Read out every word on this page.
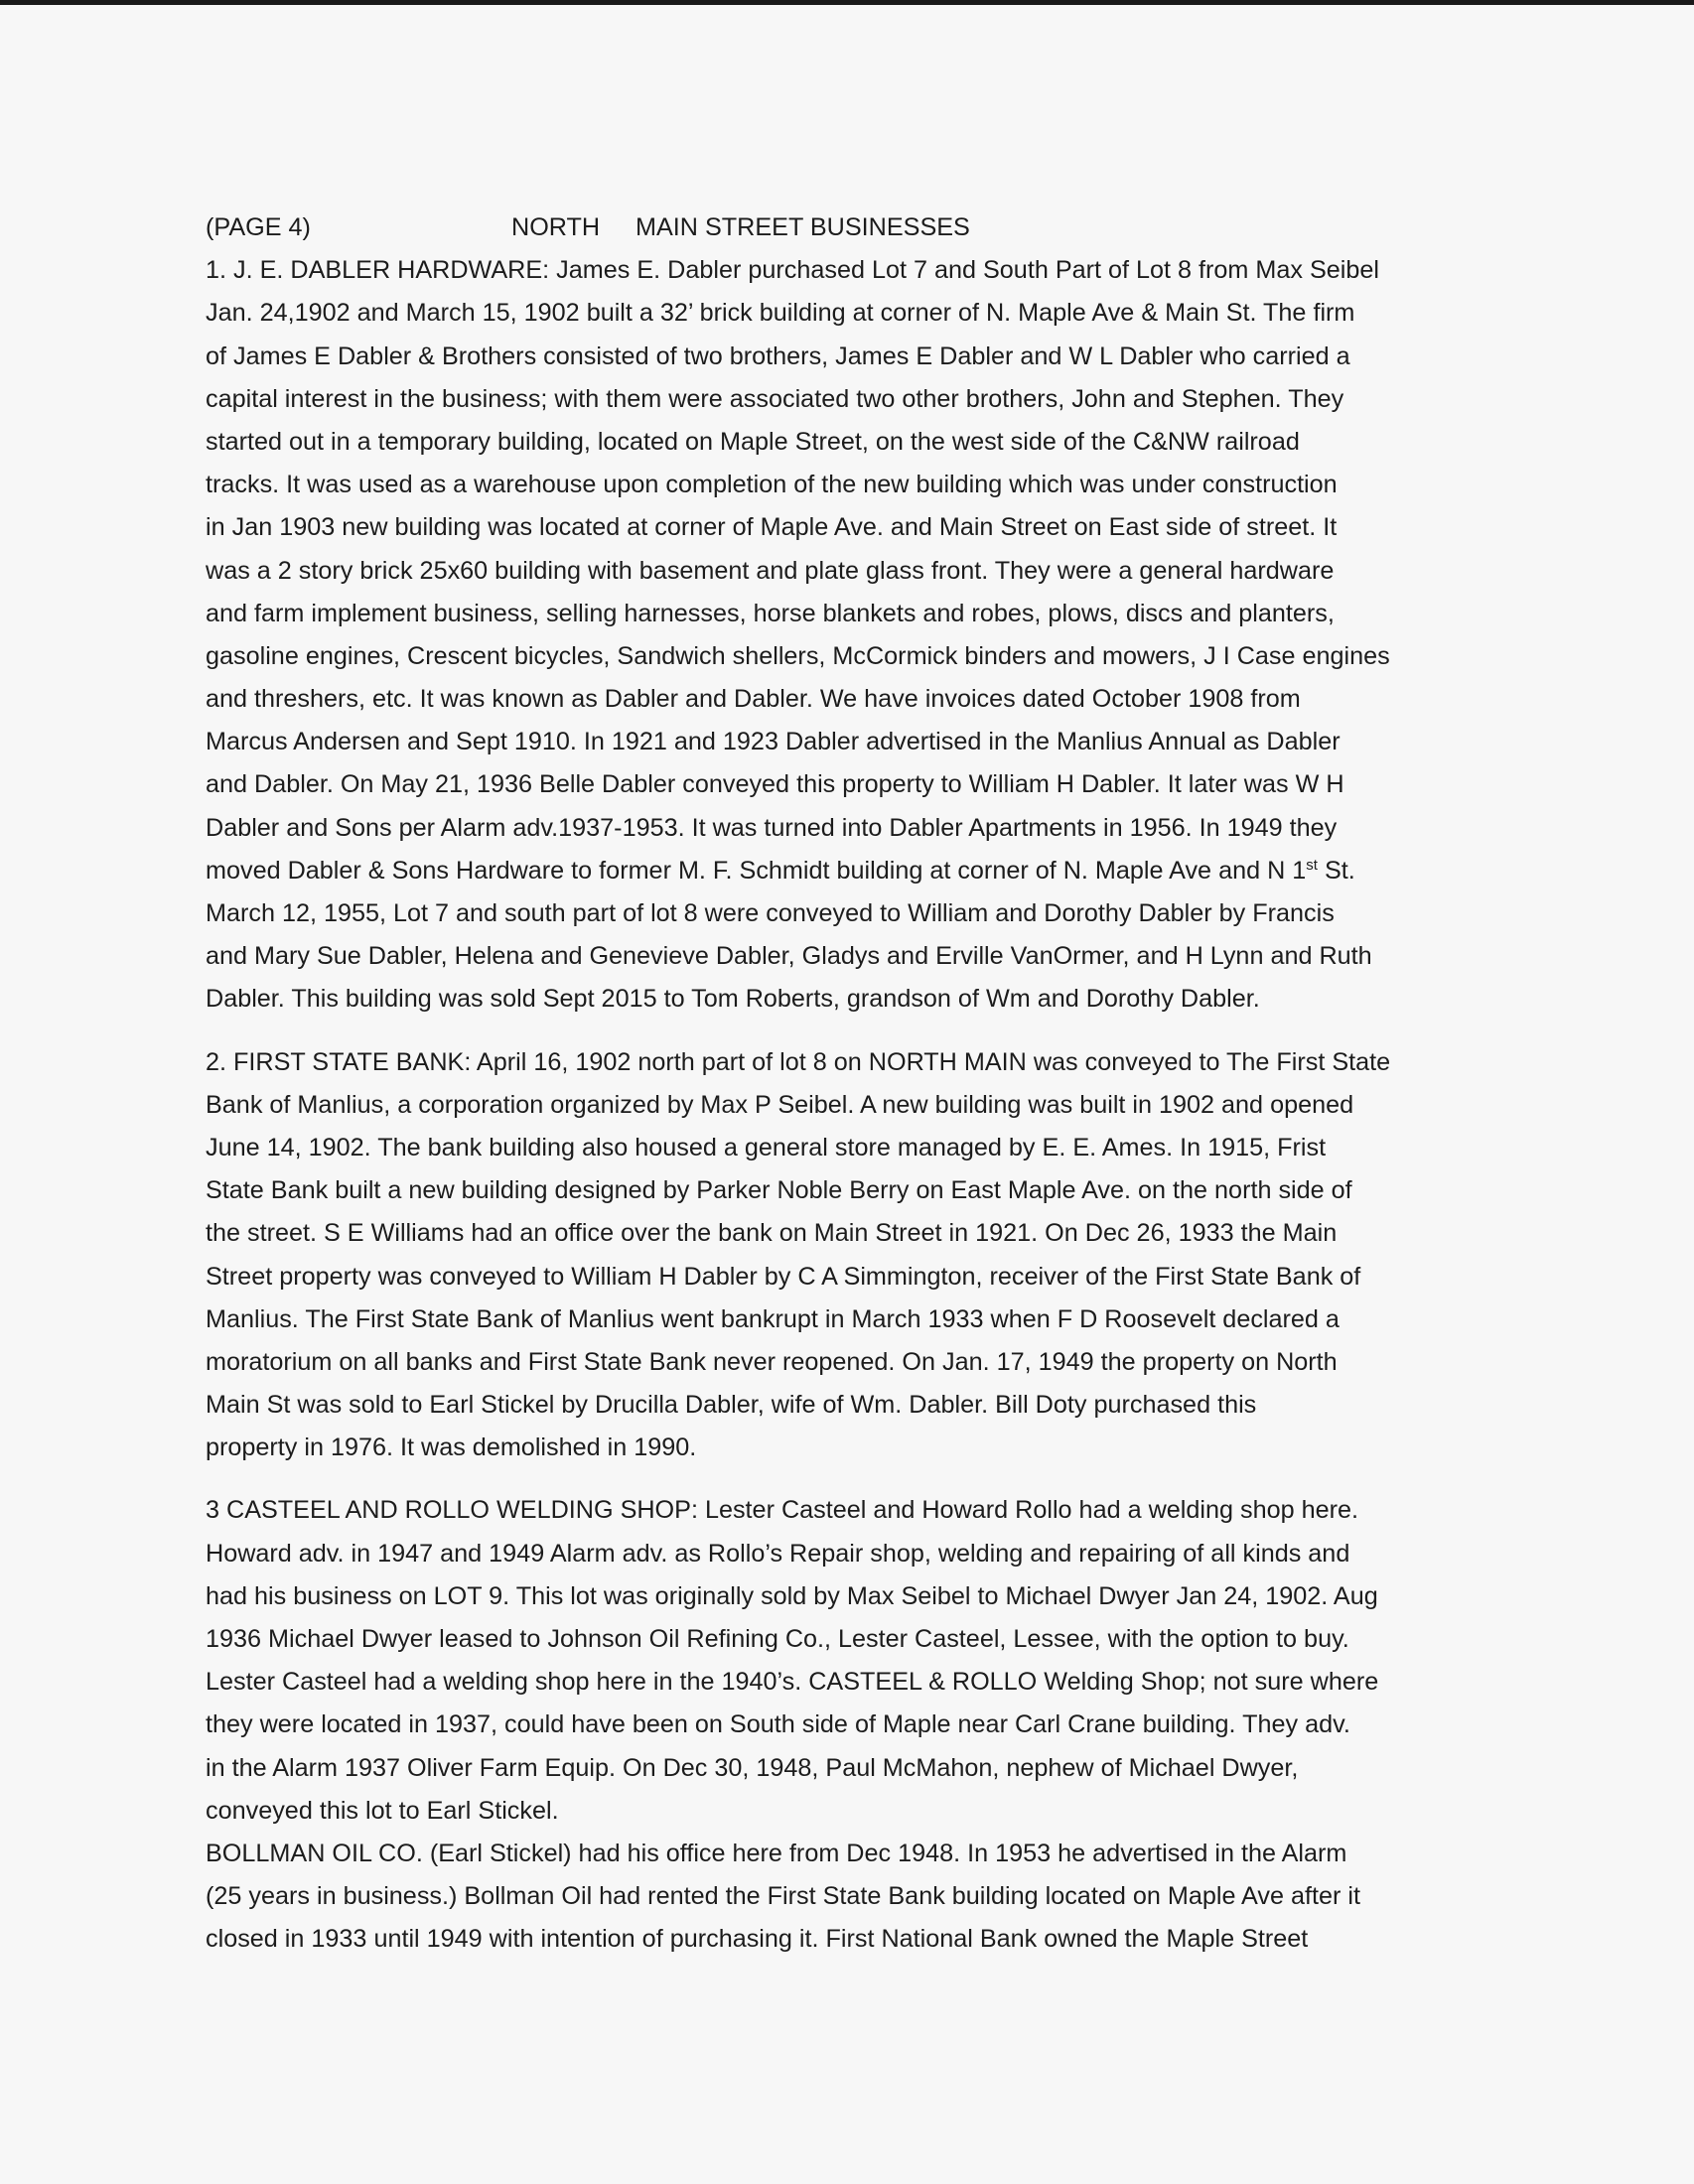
(PAGE 4)	NORTH MAIN STREET BUSINESSES
1. J. E. DABLER HARDWARE: James E. Dabler purchased Lot 7 and South Part of Lot 8 from Max Seibel
Jan. 24,1902 and March 15, 1902 built a 32’ brick building at corner of N. Maple Ave & Main St. The firm
of James E Dabler & Brothers consisted of two brothers, James E Dabler and W L Dabler who carried a
capital interest in the business; with them were associated two other brothers, John and Stephen. They
started out in a temporary building, located on Maple Street, on the west side of the C&NW railroad
tracks. It was used as a warehouse upon completion of the new building which was under construction
in Jan 1903 new building was located at corner of Maple Ave. and Main Street on East side of street. It
was a 2 story brick 25x60 building with basement and plate glass front. They were a general hardware
and farm implement business, selling harnesses, horse blankets and robes, plows, discs and planters,
gasoline engines, Crescent bicycles, Sandwich shellers, McCormick binders and mowers, J I Case engines
and threshers, etc. It was known as Dabler and Dabler. We have invoices dated October 1908 from
Marcus Andersen and Sept 1910. In 1921 and 1923 Dabler advertised in the Manlius Annual as Dabler
and Dabler. On May 21, 1936 Belle Dabler conveyed this property to William H Dabler. It later was W H
Dabler and Sons per Alarm adv.1937-1953. It was turned into Dabler Apartments in 1956. In 1949 they
moved Dabler & Sons Hardware to former M. F. Schmidt building at corner of N. Maple Ave and N 1st St.
March 12, 1955, Lot 7 and south part of lot 8 were conveyed to William and Dorothy Dabler by Francis
and Mary Sue Dabler, Helena and Genevieve Dabler, Gladys and Erville VanOrmer, and H Lynn and Ruth
Dabler. This building was sold Sept 2015 to Tom Roberts, grandson of Wm and Dorothy Dabler.
2. FIRST STATE BANK: April 16, 1902 north part of lot 8 on NORTH MAIN was conveyed to The First State
Bank of Manlius, a corporation organized by Max P Seibel. A new building was built in 1902 and opened
June 14, 1902. The bank building also housed a general store managed by E. E. Ames. In 1915, Frist
State Bank built a new building designed by Parker Noble Berry on East Maple Ave. on the north side of
the street. S E Williams had an office over the bank on Main Street in 1921. On Dec 26, 1933 the Main
Street property was conveyed to William H Dabler by C A Simmington, receiver of the First State Bank of
Manlius. The First State Bank of Manlius went bankrupt in March 1933 when F D Roosevelt declared a
moratorium on all banks and First State Bank never reopened. On Jan. 17, 1949 the property on North
Main St was sold to Earl Stickel by Drucilla Dabler, wife of Wm. Dabler. Bill Doty purchased this
property in 1976. It was demolished in 1990.
3 CASTEEL AND ROLLO WELDING SHOP: Lester Casteel and Howard Rollo had a welding shop here.
Howard adv. in 1947 and 1949 Alarm adv. as Rollo’s Repair shop, welding and repairing of all kinds and
had his business on LOT 9. This lot was originally sold by Max Seibel to Michael Dwyer Jan 24, 1902. Aug
1936 Michael Dwyer leased to Johnson Oil Refining Co., Lester Casteel, Lessee, with the option to buy.
Lester Casteel had a welding shop here in the 1940’s. CASTEEL & ROLLO Welding Shop; not sure where
they were located in 1937, could have been on South side of Maple near Carl Crane building. They adv.
in the Alarm 1937 Oliver Farm Equip. On Dec 30, 1948, Paul McMahon, nephew of Michael Dwyer,
conveyed this lot to Earl Stickel.
BOLLMAN OIL CO. (Earl Stickel) had his office here from Dec 1948. In 1953 he advertised in the Alarm
(25 years in business.) Bollman Oil had rented the First State Bank building located on Maple Ave after it
closed in 1933 until 1949 with intention of purchasing it. First National Bank owned the Maple Street
